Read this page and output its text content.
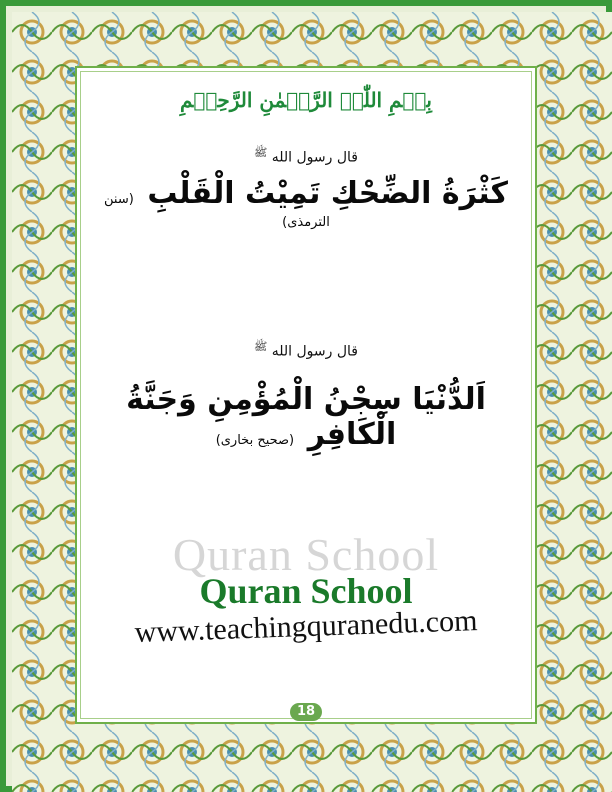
بِسۡمِ اللّٰہِ الرَّحۡمٰنِ الرَّحِیۡمِ
قال رسول الله $^ﷺ$
كَثْرَةُ الضِّحْكِ تَمِيْتُ الْقَلْبِ (سنن الترمذی)
قال رسول الله $^ﷺ$
اَلدُّنْيَا سِجْنُ الْمُؤْمِنِ وَجَنَّةُ الْكَافِرِ (صحیح بخاری)
Quran School
Quran School
www.teachingquranedu.com
18
